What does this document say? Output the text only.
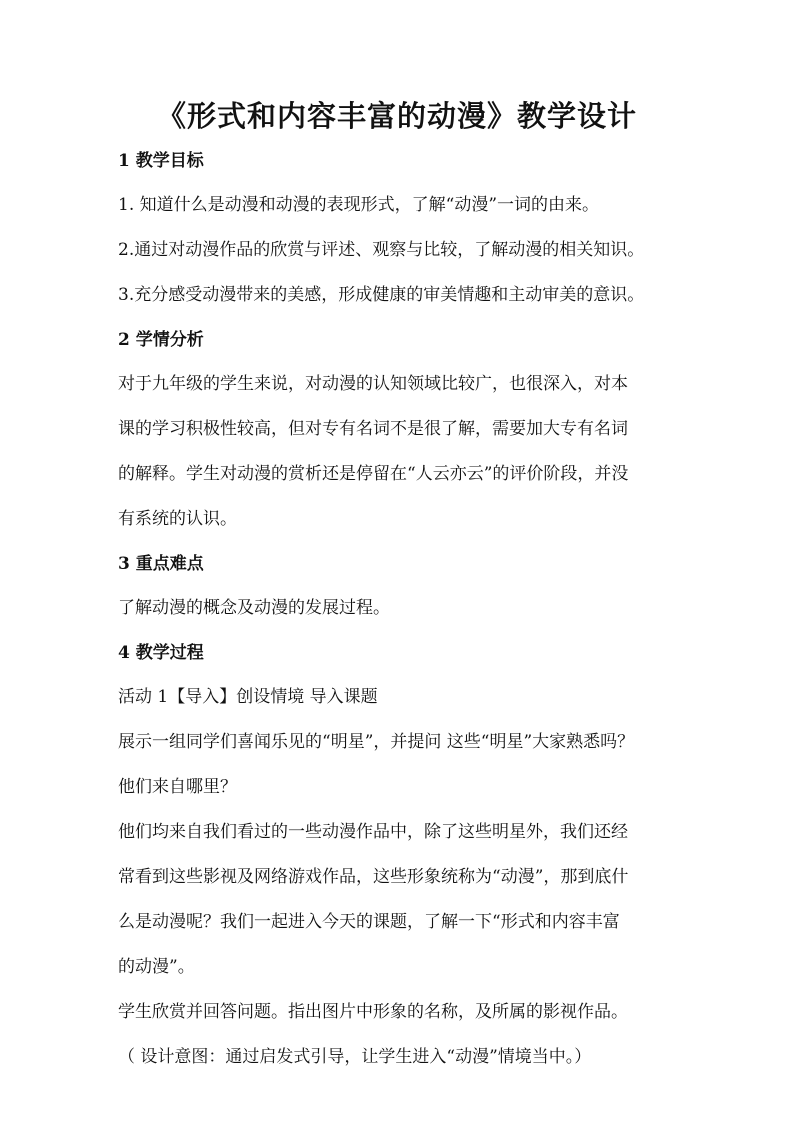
《形式和内容丰富的动漫》教学设计
1 教学目标
1. 知道什么是动漫和动漫的表现形式，了解“动漫”一词的由来。
2.通过对动漫作品的欣赏与评述、观察与比较，了解动漫的相关知识。
3.充分感受动漫带来的美感，形成健康的审美情趣和主动审美的意识。
2 学情分析
对于九年级的学生来说，对动漫的认知领域比较广，也很深入，对本
课的学习积极性较高，但对专有名词不是很了解，需要加大专有名词
的解释。学生对动漫的赏析还是停留在“人云亦云”的评价阶段，并没
有系统的认识。
3 重点难点
了解动漫的概念及动漫的发展过程。
4 教学过程
活动 1【导入】创设情境 导入课题
展示一组同学们喜闻乐见的“明星”，并提问 这些“明星”大家熟悉吗？
他们来自哪里？
他们均来自我们看过的一些动漫作品中，除了这些明星外，我们还经
常看到这些影视及网络游戏作品，这些形象统称为“动漫”，那到底什
么是动漫呢？我们一起进入今天的课题，了解一下“形式和内容丰富
的动漫”。
学生欣赏并回答问题。指出图片中形象的名称，及所属的影视作品。
（ 设计意图：通过启发式引导，让学生进入“动漫”情境当中。）
